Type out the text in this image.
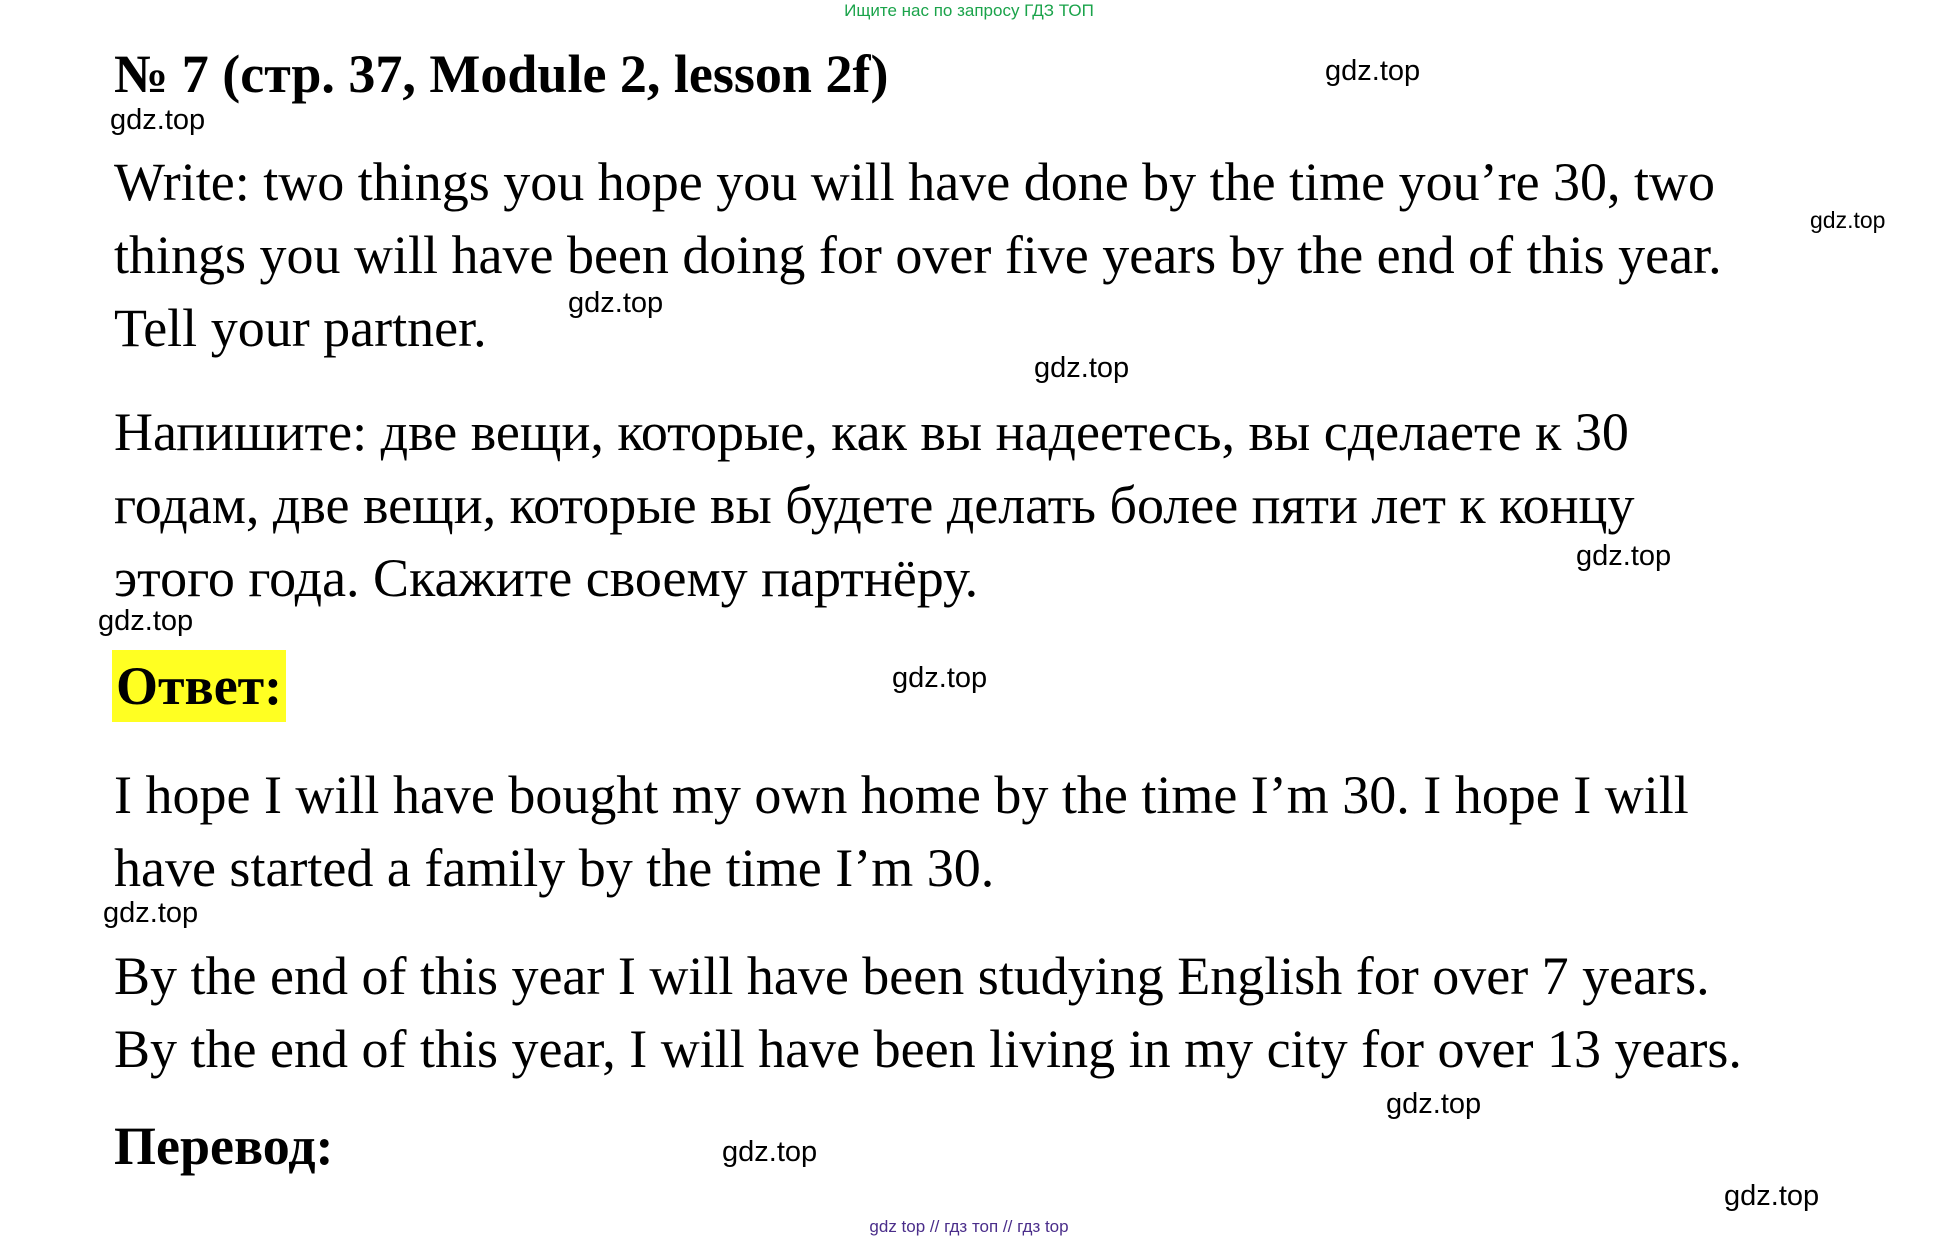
Ищите нас по запросу ГДЗ ТОП
№ 7 (стр. 37, Module 2, lesson 2f)
Write: two things you hope you will have done by the time you’re 30, two
things you will have been doing for over five years by the end of this year.
Tell your partner.
Напишите: две вещи, которые, как вы надеетесь, вы сделаете к 30
годам, две вещи, которые вы будете делать более пяти лет к концу
этого года. Скажите своему партнёру.
Ответ:
I hope I will have bought my own home by the time I’m 30. I hope I will
have started a family by the time I’m 30.
By the end of this year I will have been studying English for over 7 years.
By the end of this year, I will have been living in my city for over 13 years.
Перевод:
gdz.top
gdz.top
gdz.top
gdz.top
gdz.top
gdz.top
gdz.top
gdz.top
gdz.top
gdz.top
gdz.top
gdz.top
gdz top // гдз топ // гдз top
